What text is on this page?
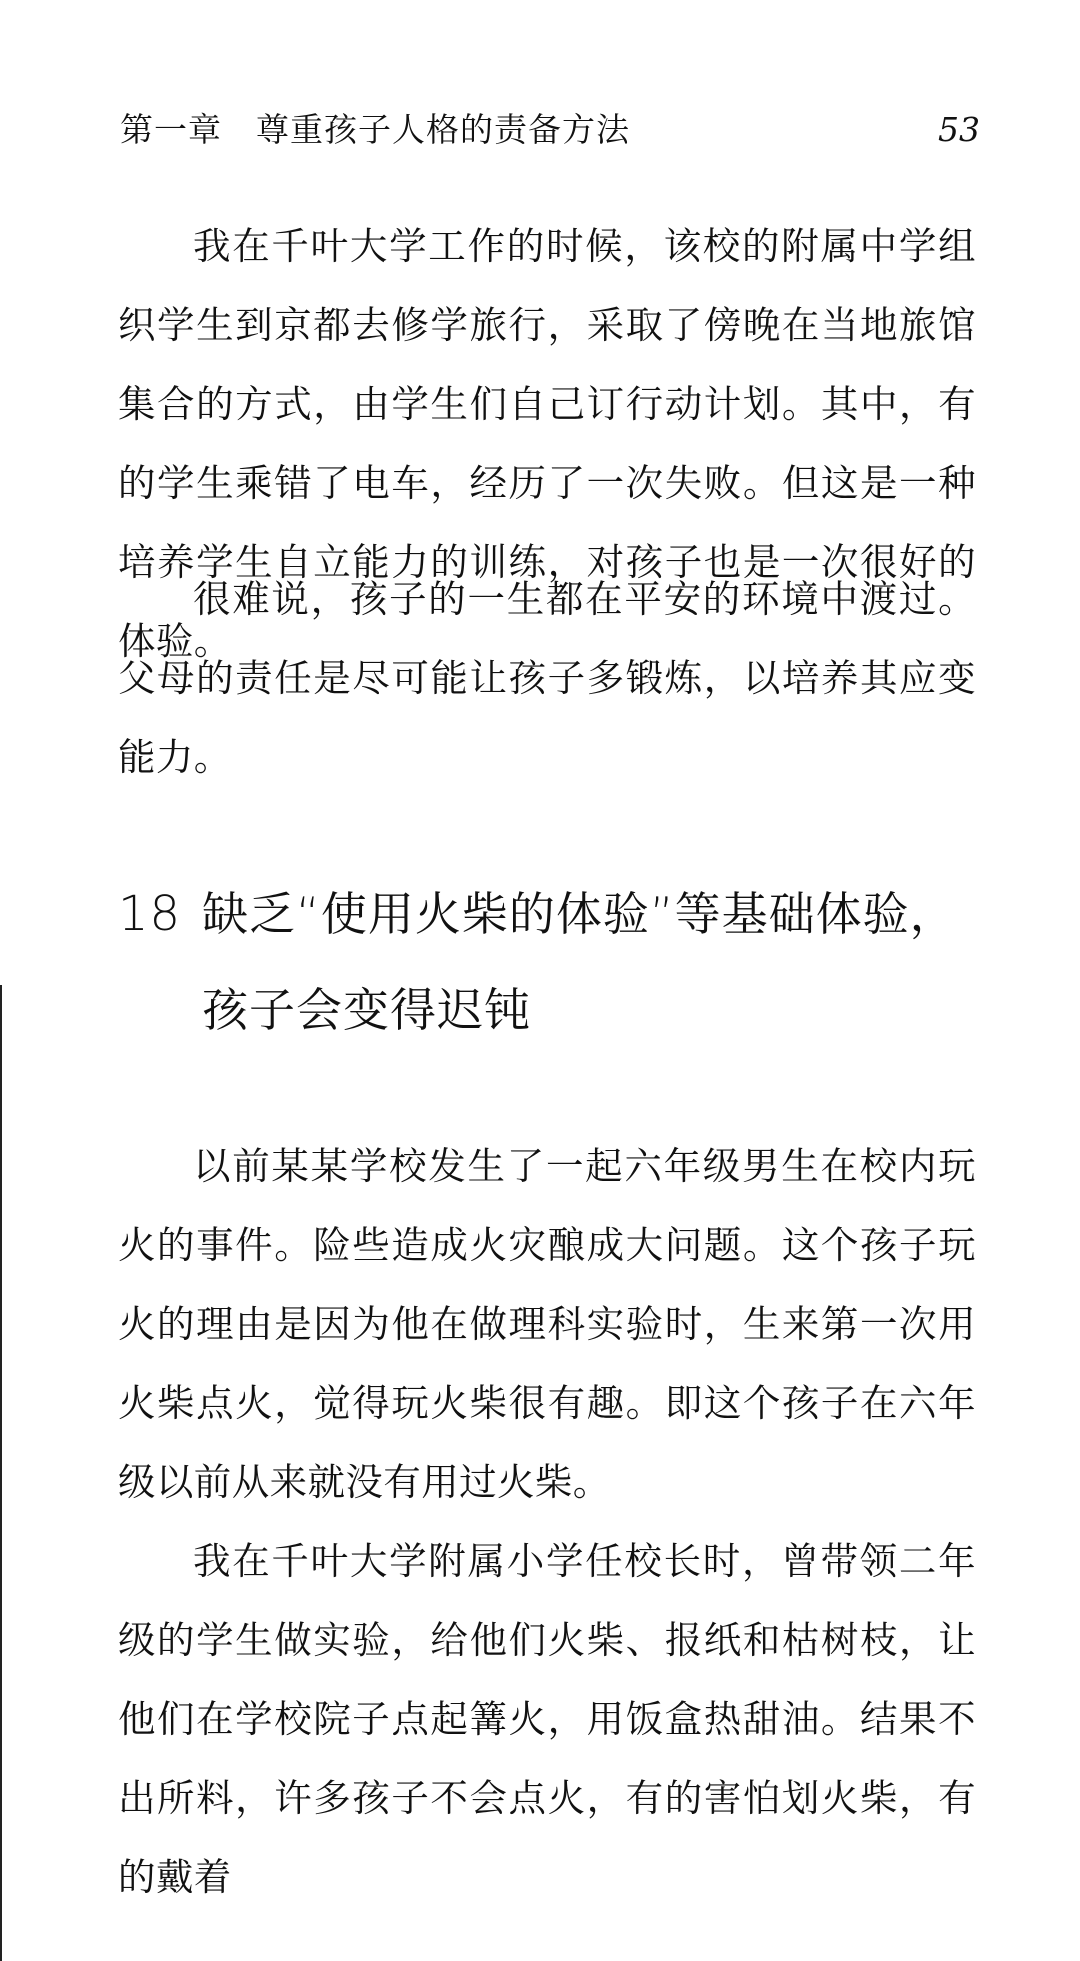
第一章　尊重孩子人格的责备方法	53

我在千叶大学工作的时候，该校的附属中学组织学生到京都去修学旅行，采取了傍晚在当地旅馆集合的方式，由学生们自己订行动计划。其中，有的学生乘错了电车，经历了一次失败。但这是一种培养学生自立能力的训练，对孩子也是一次很好的体验。

很难说，孩子的一生都在平安的环境中渡过。父母的责任是尽可能让孩子多锻炼，以培养其应变能力。

18 缺乏“使用火柴的体验”等基础体验，孩子会变得迟钝

以前某某学校发生了一起六年级男生在校内玩火的事件。险些造成火灾酿成大问题。这个孩子玩火的理由是因为他在做理科实验时，生来第一次用火柴点火，觉得玩火柴很有趣。即这个孩子在六年级以前从来就没有用过火柴。

我在千叶大学附属小学任校长时，曾带领二年级的学生做实验，给他们火柴、报纸和枯树枝，让他们在学校院子点起篝火，用饭盒热甜油。结果不出所料，许多孩子不会点火，有的害怕划火柴，有的戴着
